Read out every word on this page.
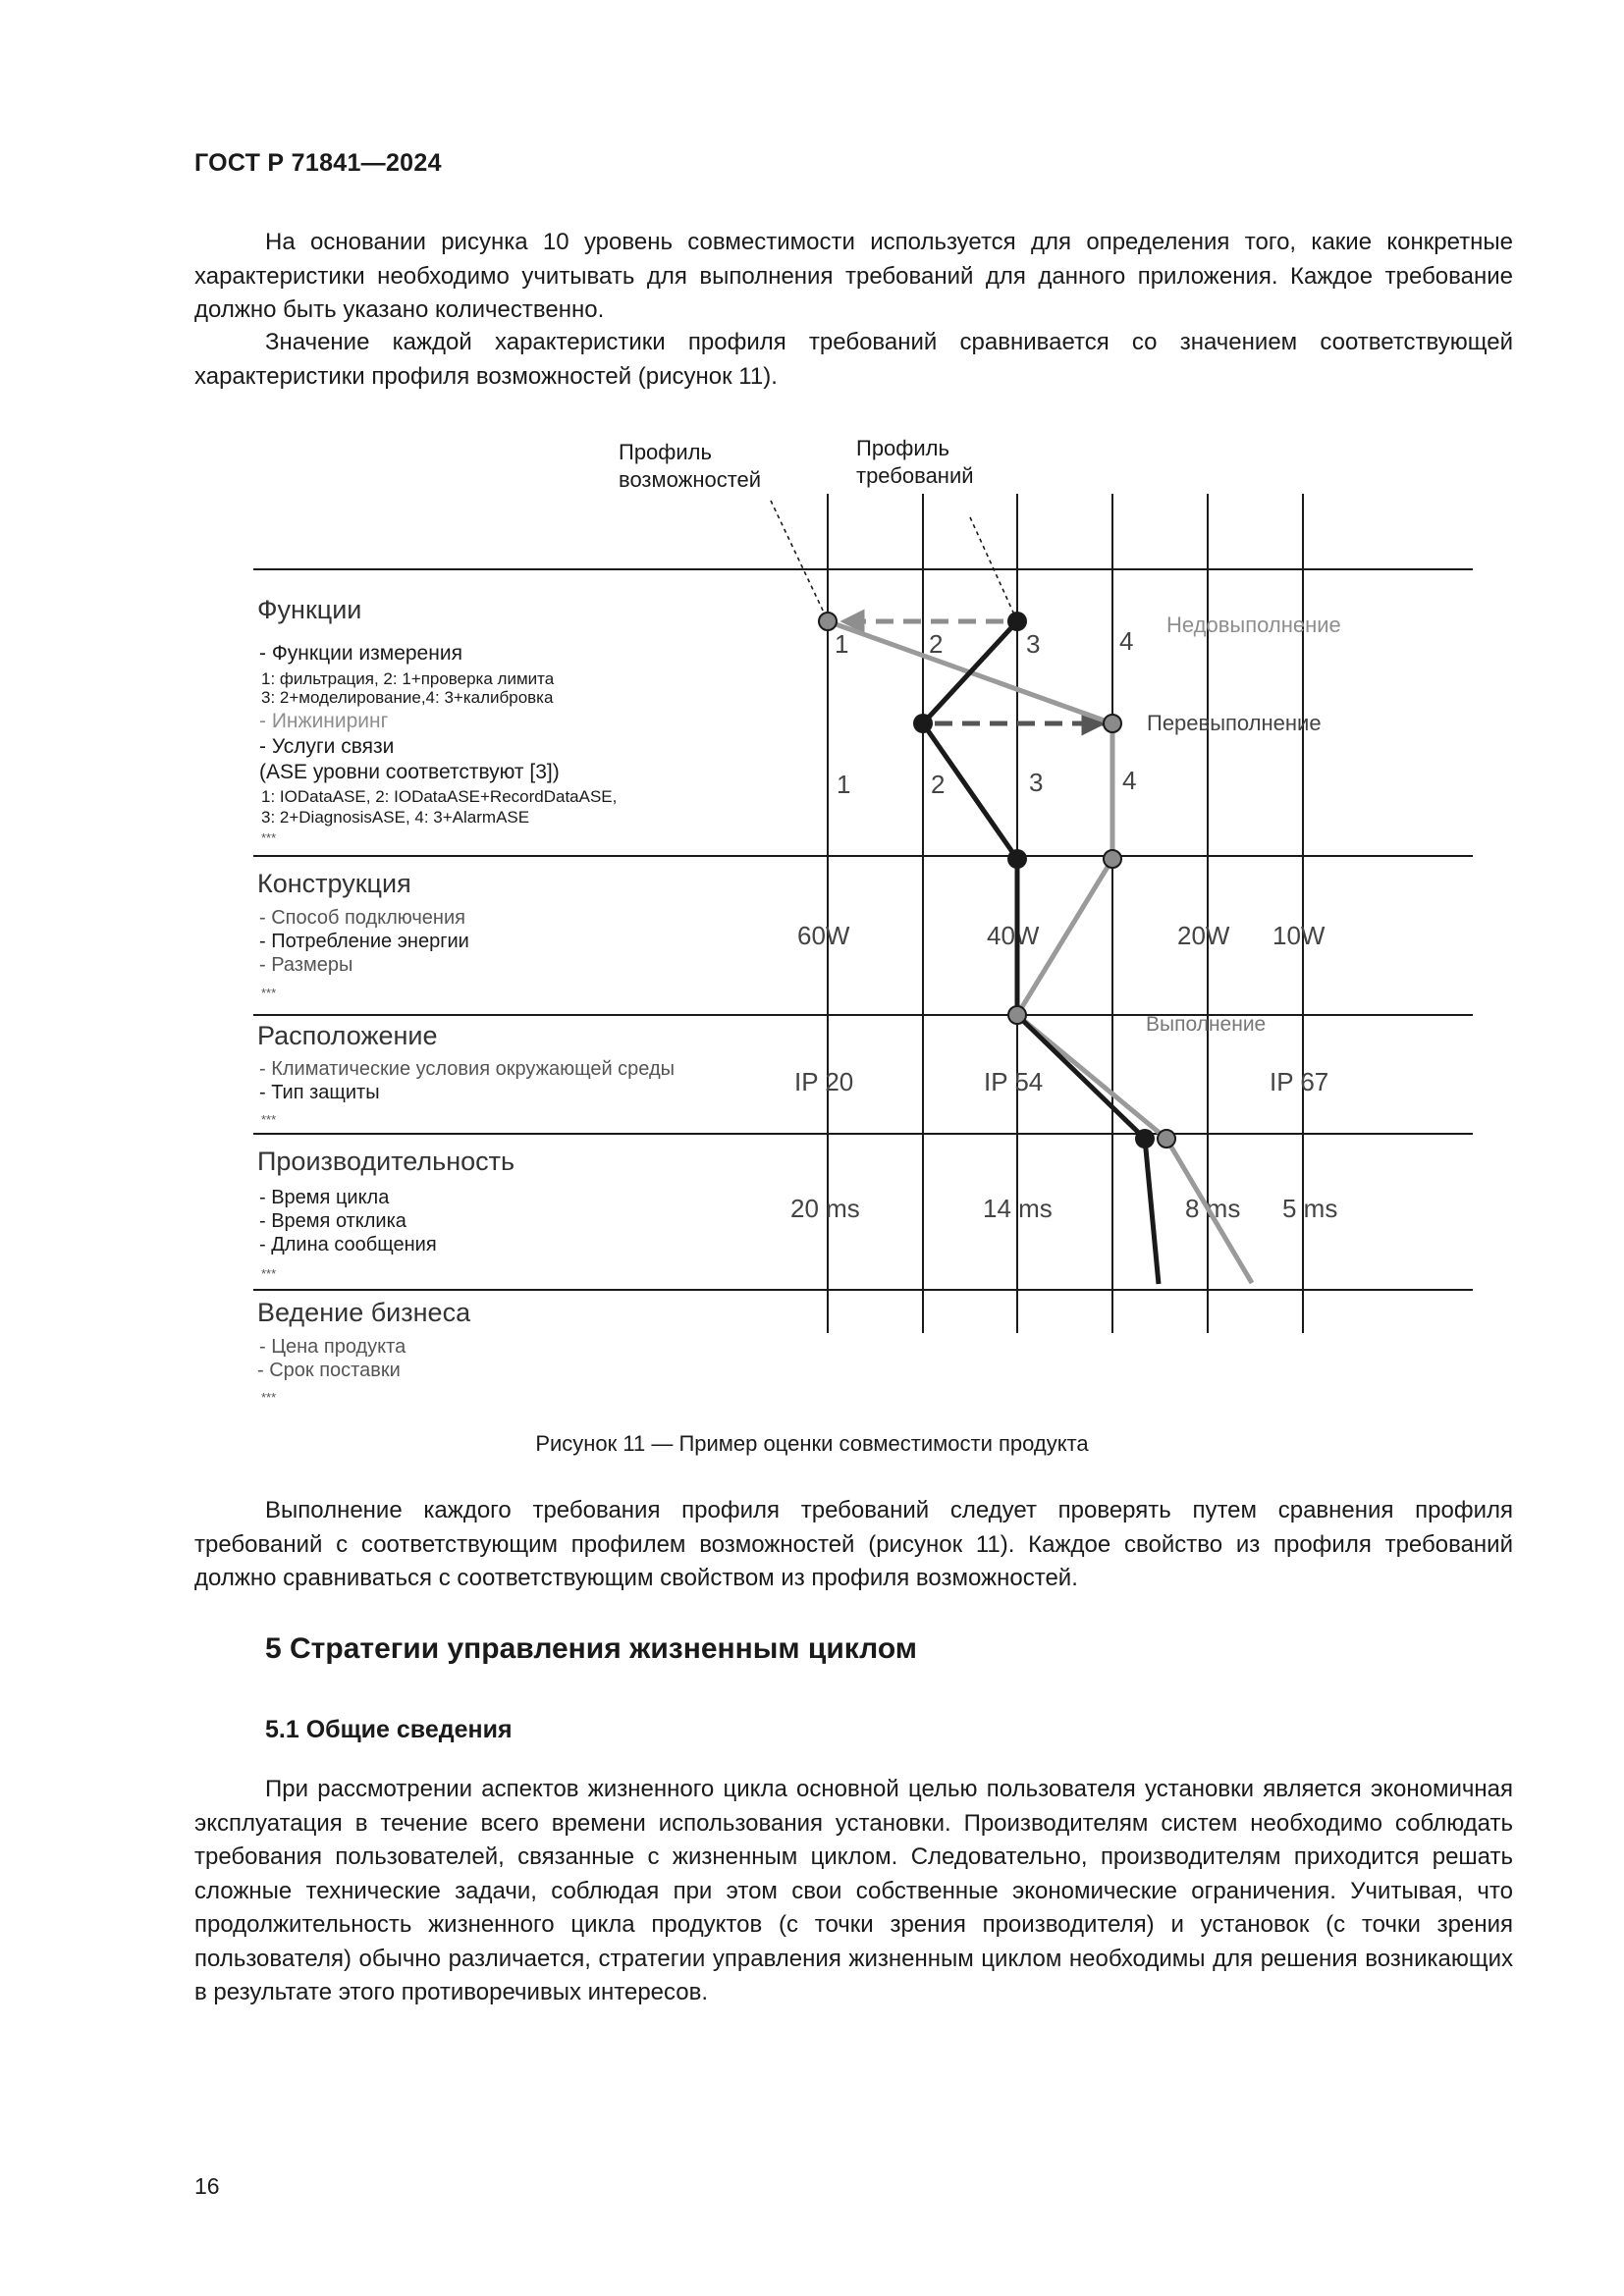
ГОСТ Р 71841—2024

На основании рисунка 10 уровень совместимости используется для определения того, какие конкретные характеристики необходимо учитывать для выполнения требований для данного приложения. Каждое требование должно быть указано количественно.

Значение каждой характеристики профиля требований сравнивается со значением соответствующей характеристики профиля возможностей (рисунок 11).

Профиль
возможностей
Профиль
требований
Функции
Конструкция
Расположение
Производительность
Ведение бизнеса
- Функции измерения
1: фильтрация, 2: 1+проверка лимита
3: 2+моделирование,4: 3+калибровка
- Инжиниринг
- Услуги связи
(ASE уровни соответствуют [3])
1: IODataASE, 2: IODataASE+RecordDataASE,
3: 2+DiagnosisASE, 4: 3+AlarmASE
***
- Способ подключения
- Потребление энергии
- Размеры
***
- Климатические условия окружающей среды
- Тип защиты
***
- Время цикла
- Время отклика
- Длина сообщения
***
- Цена продукта
- Срок поставки
***
1	2	3	4
1	2	3	4
60W	40W	20W 10W
IP 20	IP 54	IP 67
20 ms	14 ms	8 ms 5 ms
Недовыполнение
Перевыполнение
Выполнение
Рисунок 11 — Пример оценки совместимости продукта

Выполнение каждого требования профиля требований следует проверять путем сравнения профиля требований с соответствующим профилем возможностей (рисунок 11). Каждое свойство из профиля требований должно сравниваться с соответствующим свойством из профиля возможностей.

5 Стратегии управления жизненным циклом
5.1 Общие сведения

При рассмотрении аспектов жизненного цикла основной целью пользователя установки является экономичная эксплуатация в течение всего времени использования установки. Производителям систем необходимо соблюдать требования пользователей, связанные с жизненным циклом. Следовательно, производителям приходится решать сложные технические задачи, соблюдая при этом свои собственные экономические ограничения. Учитывая, что продолжительность жизненного цикла продуктов (с точки зрения производителя) и установок (с точки зрения пользователя) обычно различается, стратегии управления жизненным циклом необходимы для решения возникающих в результате этого противоречивых интересов.

16
